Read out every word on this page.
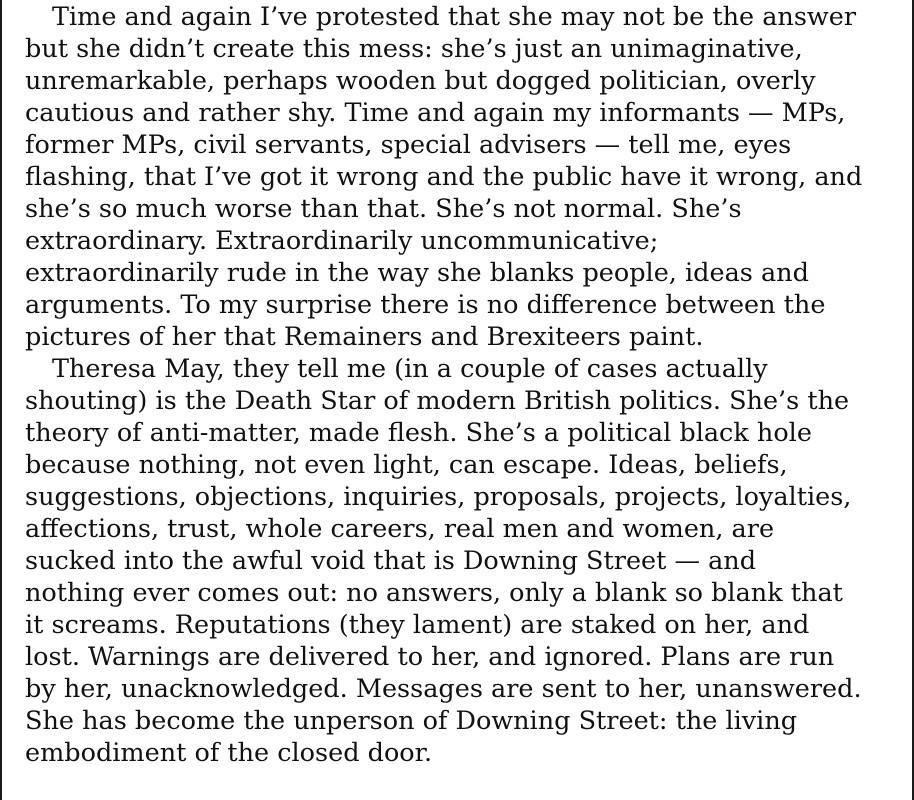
Time and again I’ve protested that she may not be the answer
but she didn’t create this mess: she’s just an unimaginative,
unremarkable, perhaps wooden but dogged politician, overly
cautious and rather shy. Time and again my informants — MPs,
former MPs, civil servants, special advisers — tell me, eyes
flashing, that I’ve got it wrong and the public have it wrong, and
she’s so much worse than that. She’s not normal. She’s
extraordinary. Extraordinarily uncommunicative;
extraordinarily rude in the way she blanks people, ideas and
arguments. To my surprise there is no difference between the
pictures of her that Remainers and Brexiteers paint.
Theresa May, they tell me (in a couple of cases actually
shouting) is the Death Star of modern British politics. She’s the
theory of anti-matter, made flesh. She’s a political black hole
because nothing, not even light, can escape. Ideas, beliefs,
suggestions, objections, inquiries, proposals, projects, loyalties,
affections, trust, whole careers, real men and women, are
sucked into the awful void that is Downing Street — and
nothing ever comes out: no answers, only a blank so blank that
it screams. Reputations (they lament) are staked on her, and
lost. Warnings are delivered to her, and ignored. Plans are run
by her, unacknowledged. Messages are sent to her, unanswered.
She has become the unperson of Downing Street: the living
embodiment of the closed door.
